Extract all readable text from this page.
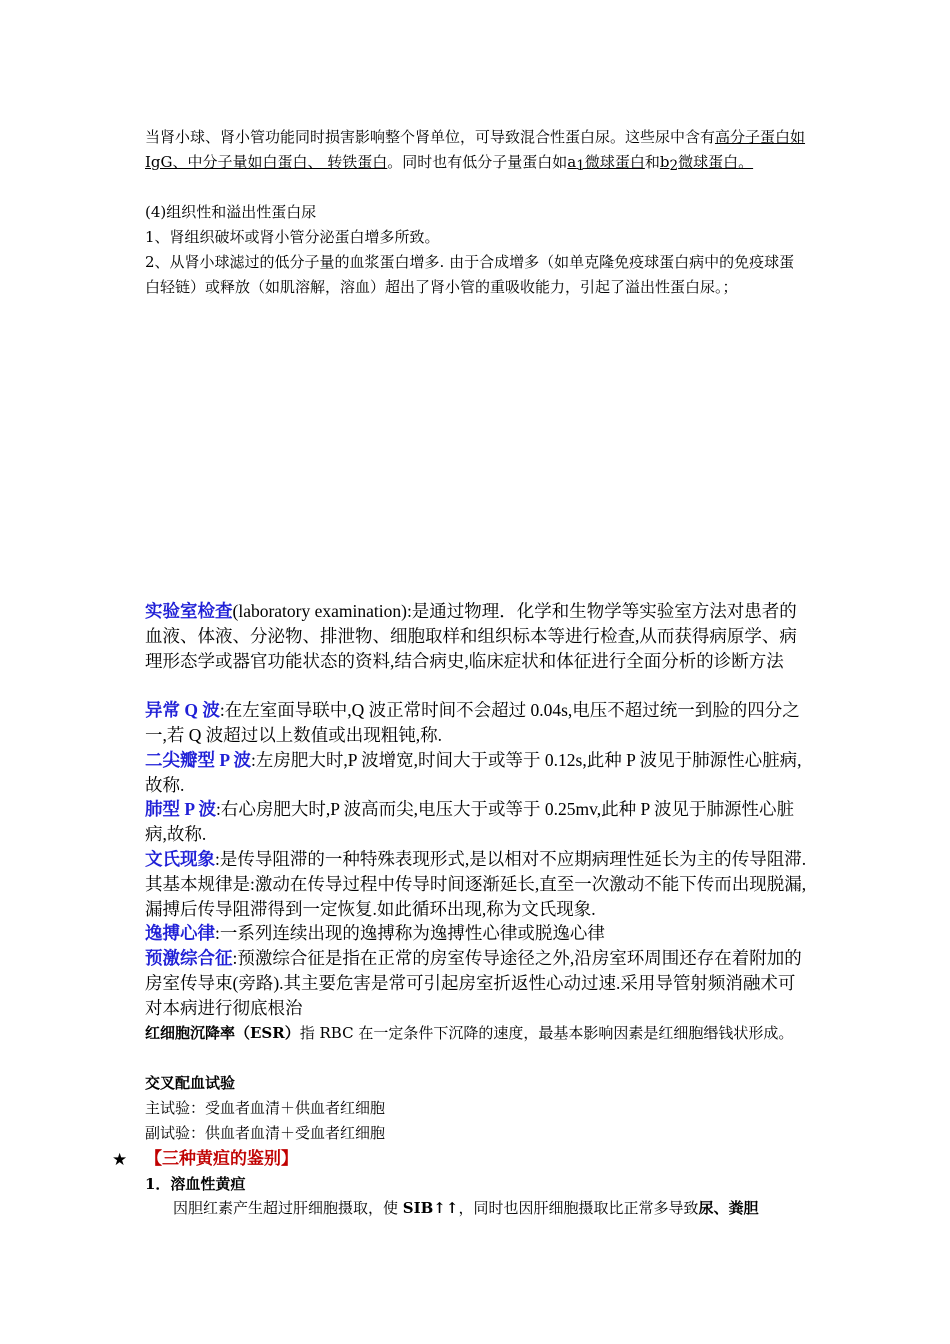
当肾小球、肾小管功能同时损害影响整个肾单位，可导致混合性蛋白尿。这些尿中含有高分子蛋白如 IgG、中分子量如白蛋白、 转铁蛋白。同时也有低分子量蛋白如a1微球蛋白和b2微球蛋白。

(4)组织性和溢出性蛋白尿

1、肾组织破坏或肾小管分泌蛋白增多所致。

2、从肾小球滤过的低分子量的血浆蛋白增多. 由于合成增多（如单克隆免疫球蛋白病中的免疫球蛋白轻链）或释放（如肌溶解，溶血）超出了肾小管的重吸收能力，引起了溢出性蛋白尿。；

实验室检查(laboratory examination):是通过物理．化学和生物学等实验室方法对患者的血液、体液、分泌物、排泄物、细胞取样和组织标本等进行检查,从而获得病原学、病理形态学或器官功能状态的资料,结合病史,临床症状和体征进行全面分析的诊断方法

异常 Q 波:在左室面导联中,Q 波正常时间不会超过 0.04s,电压不超过统一到脸的四分之一,若 Q 波超过以上数值或出现粗钝,称.

二尖瓣型 P 波:左房肥大时,P 波增宽,时间大于或等于 0.12s,此种 P 波见于肺源性心脏病,故称.

肺型 P 波:右心房肥大时,P 波高而尖,电压大于或等于 0.25mv,此种 P 波见于肺源性心脏病,故称.

文氏现象:是传导阻滞的一种特殊表现形式,是以相对不应期病理性延长为主的传导阻滞.其基本规律是:激动在传导过程中传导时间逐渐延长,直至一次激动不能下传而出现脱漏,漏搏后传导阻滞得到一定恢复.如此循环出现,称为文氏现象.

逸搏心律:一系列连续出现的逸搏称为逸搏性心律或脱逸心律

预激综合征:预激综合征是指在正常的房室传导途径之外,沿房室环周围还存在着附加的房室传导束(旁路).其主要危害是常可引起房室折返性心动过速.采用导管射频消融术可对本病进行彻底根治

红细胞沉降率（ESR）指 RBC 在一定条件下沉降的速度，最基本影响因素是红细胞缗钱状形成。

交叉配血试验

主试验：受血者血清＋供血者红细胞

副试验：供血者血清＋受血者红细胞

★ 【三种黄疸的鉴别】

1．溶血性黄疸

因胆红素产生超过肝细胞摄取，使 SIB↑↑，同时也因肝细胞摄取比正常多导致尿、粪胆
